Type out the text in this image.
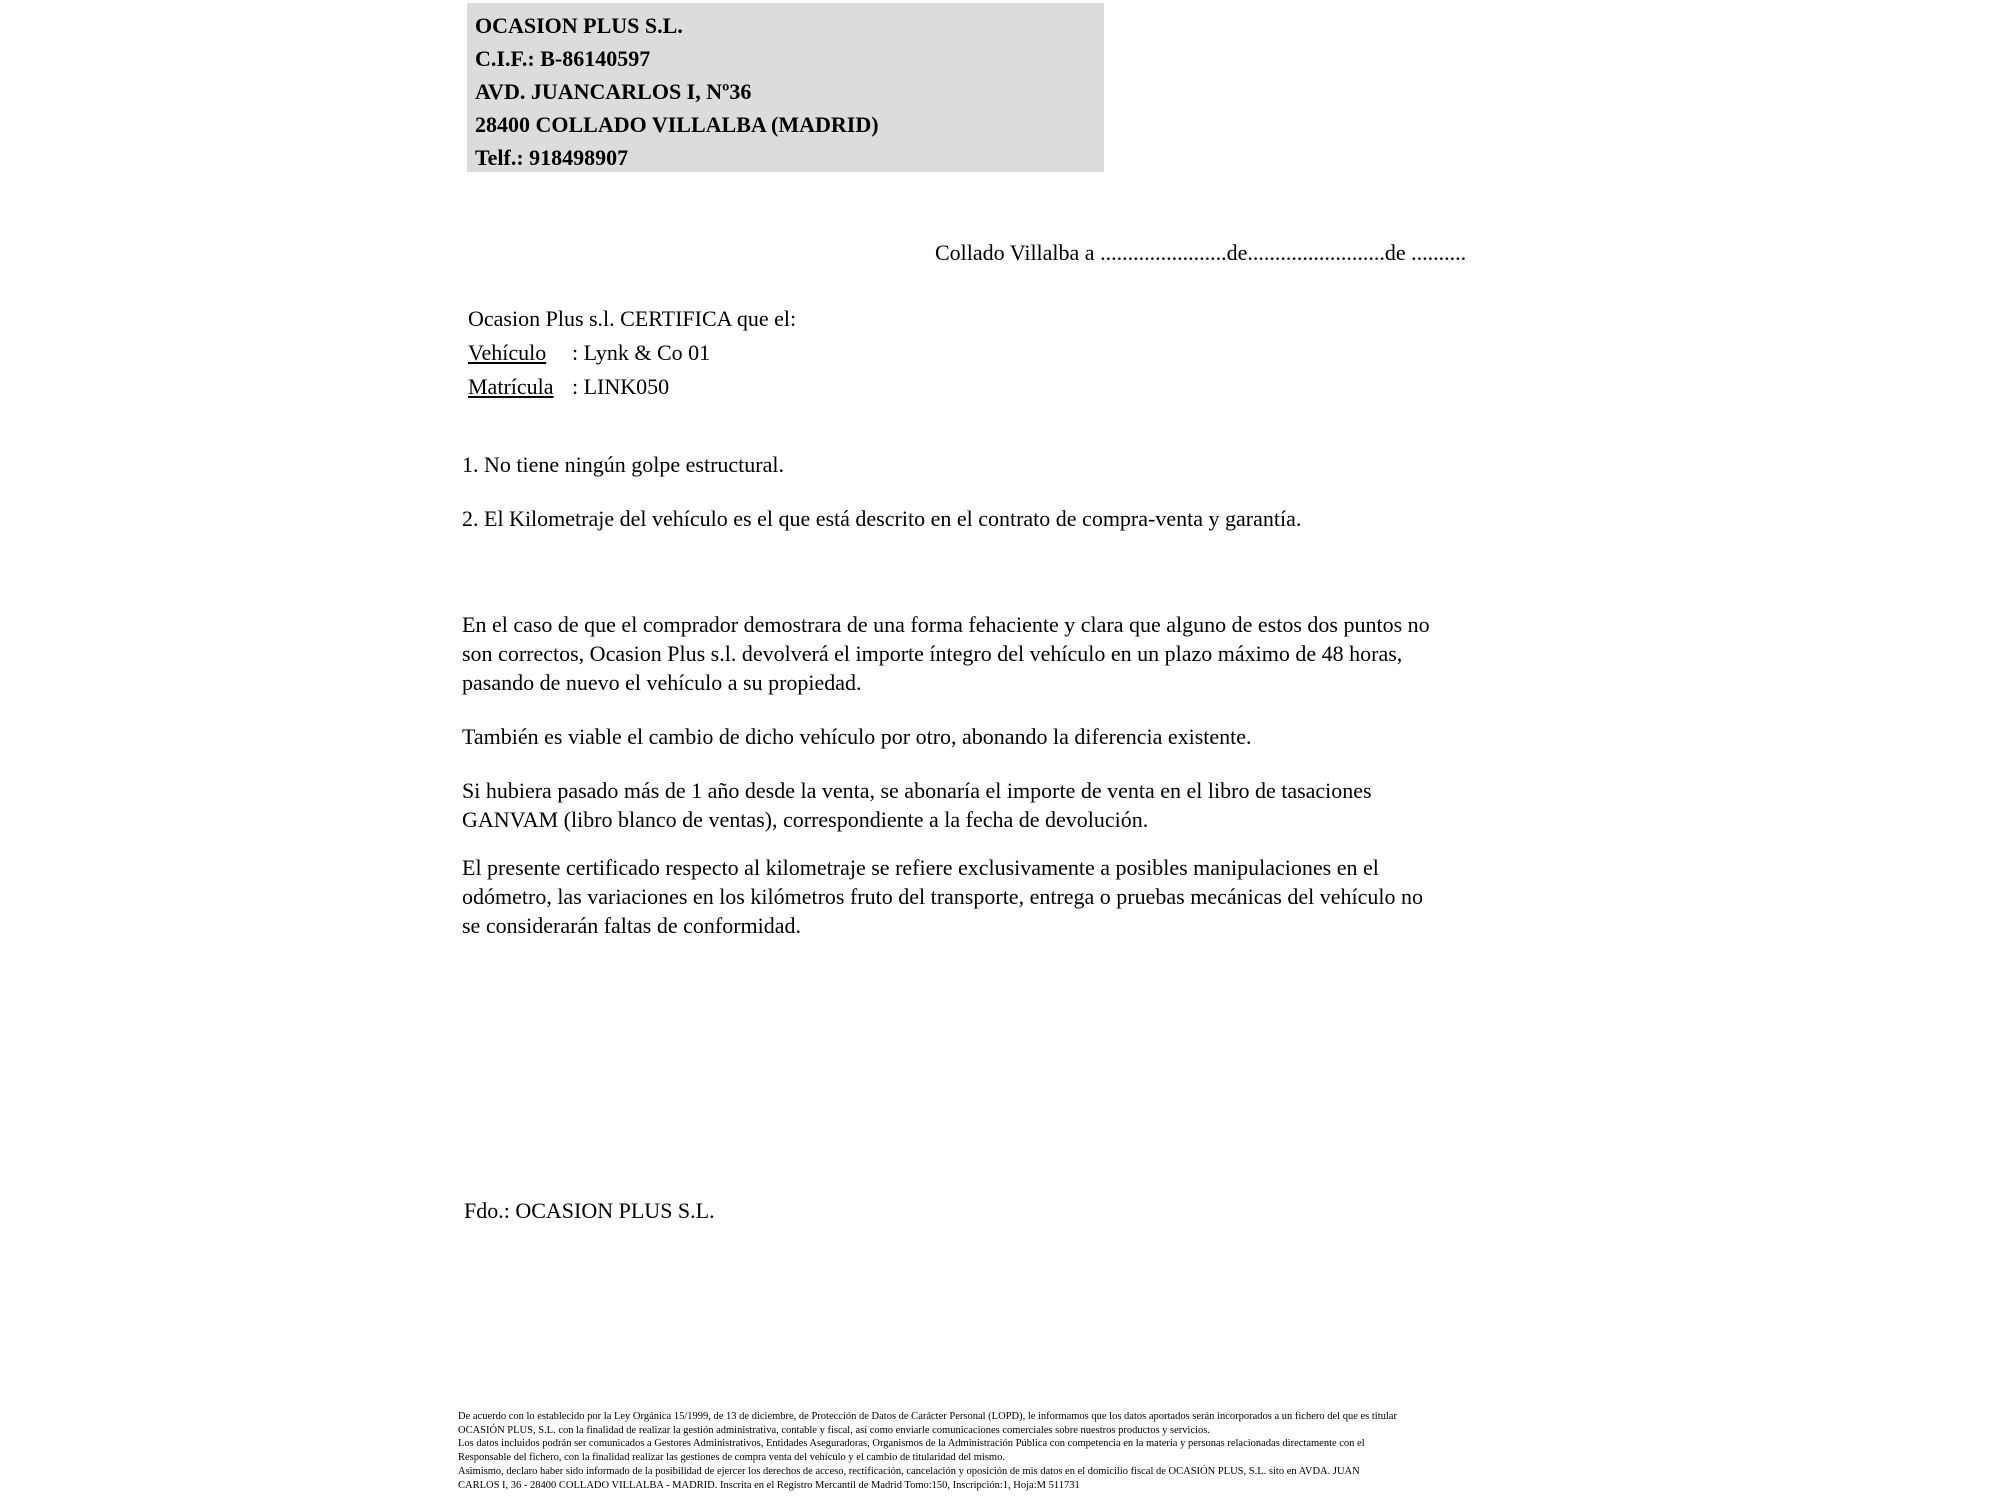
OCASION PLUS S.L.
C.I.F.: B-86140597
AVD. JUANCARLOS I, Nº36
28400 COLLADO VILLALBA (MADRID)
Telf.: 918498907
Collado Villalba a .......................de.........................de ..........
Ocasion Plus s.l. CERTIFICA que el:
Vehículo : Lynk & Co 01
Matrícula : LINK050
1. No tiene ningún golpe estructural.
2. El Kilometraje del vehículo es el que está descrito en el contrato de compra-venta y garantía.
En el caso de que el comprador demostrara de una forma fehaciente y clara que alguno de estos dos puntos no
son correctos, Ocasion Plus s.l. devolverá el importe íntegro del vehículo en un plazo máximo de 48 horas,
pasando de nuevo el vehículo a su propiedad.
También es viable el cambio de dicho vehículo por otro, abonando la diferencia existente.
Si hubiera pasado más de 1 año desde la venta, se abonaría el importe de venta en el libro de tasaciones
GANVAM (libro blanco de ventas), correspondiente a la fecha de devolución.
El presente certificado respecto al kilometraje se refiere exclusivamente a posibles manipulaciones en el
odómetro, las variaciones en los kilómetros fruto del transporte, entrega o pruebas mecánicas del vehículo no
se considerarán faltas de conformidad.
Fdo.: OCASION PLUS S.L.
De acuerdo con lo establecido por la Ley Orgánica 15/1999, de 13 de diciembre, de Protección de Datos de Carácter Personal (LOPD), le informamos que los datos aportados serán incorporados a un fichero del que es titular
OCASIÓN PLUS, S.L. con la finalidad de realizar la gestión administrativa, contable y fiscal, así como enviarle comunicaciones comerciales sobre nuestros productos y servicios.
Los datos incluidos podrán ser comunicados a Gestores Administrativos, Entidades Aseguradoras, Organismos de la Administración Pública con competencia en la materia y personas relacionadas directamente con el
Responsable del fichero, con la finalidad realizar las gestiones de compra venta del vehículo y el cambio de titularidad del mismo.
Asimismo, declaro haber sido informado de la posibilidad de ejercer los derechos de acceso, rectificación, cancelación y oposición de mis datos en el domicilio fiscal de OCASIÓN PLUS, S.L. sito en AVDA. JUAN
CARLOS I, 36 - 28400 COLLADO VILLALBA - MADRID. Inscrita en el Registro Mercantil de Madrid Tomo:150, Inscripción:1, Hoja:M 511731
